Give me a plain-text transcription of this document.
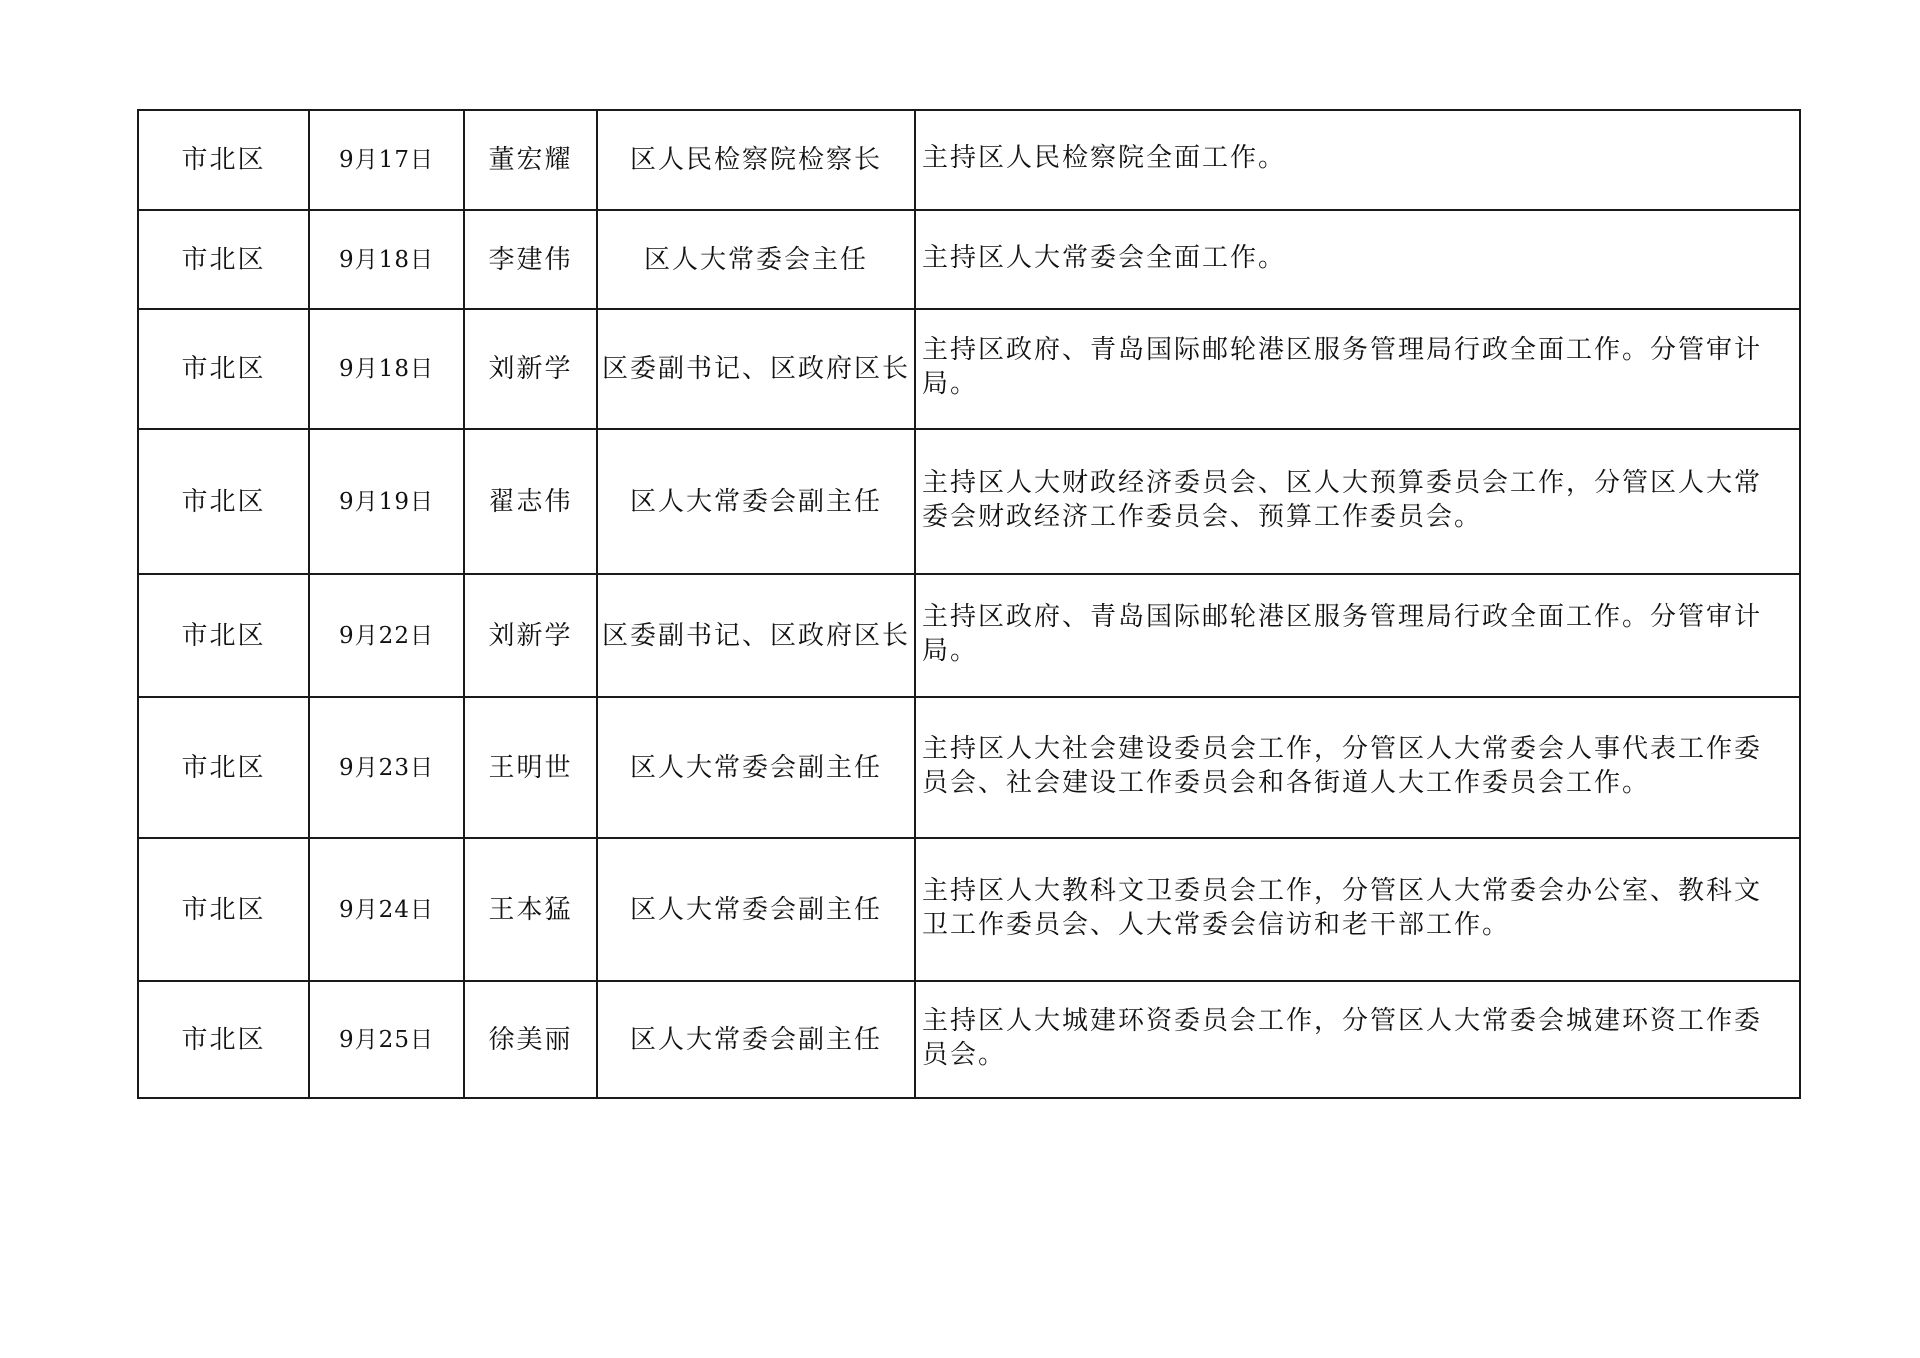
市北区	9月17日	董宏耀	区人民检察院检察长	主持区人民检察院全面工作。

市北区	9月18日	李建伟	区人大常委会主任	主持区人大常委会全面工作。

市北区	9月18日	刘新学	区委副书记、区政府区长	主持区政府、青岛国际邮轮港区服务管理局行政全面工作。分管审计局。

市北区	9月19日	翟志伟	区人大常委会副主任	主持区人大财政经济委员会、区人大预算委员会工作，分管区人大常委会财政经济工作委员会、预算工作委员会。

市北区	9月22日	刘新学	区委副书记、区政府区长	主持区政府、青岛国际邮轮港区服务管理局行政全面工作。分管审计局。

市北区	9月23日	王明世	区人大常委会副主任	主持区人大社会建设委员会工作，分管区人大常委会人事代表工作委员会、社会建设工作委员会和各街道人大工作委员会工作。

市北区	9月24日	王本猛	区人大常委会副主任	主持区人大教科文卫委员会工作，分管区人大常委会办公室、教科文卫工作委员会、人大常委会信访和老干部工作。

市北区	9月25日	徐美丽	区人大常委会副主任	主持区人大城建环资委员会工作，分管区人大常委会城建环资工作委员会。
